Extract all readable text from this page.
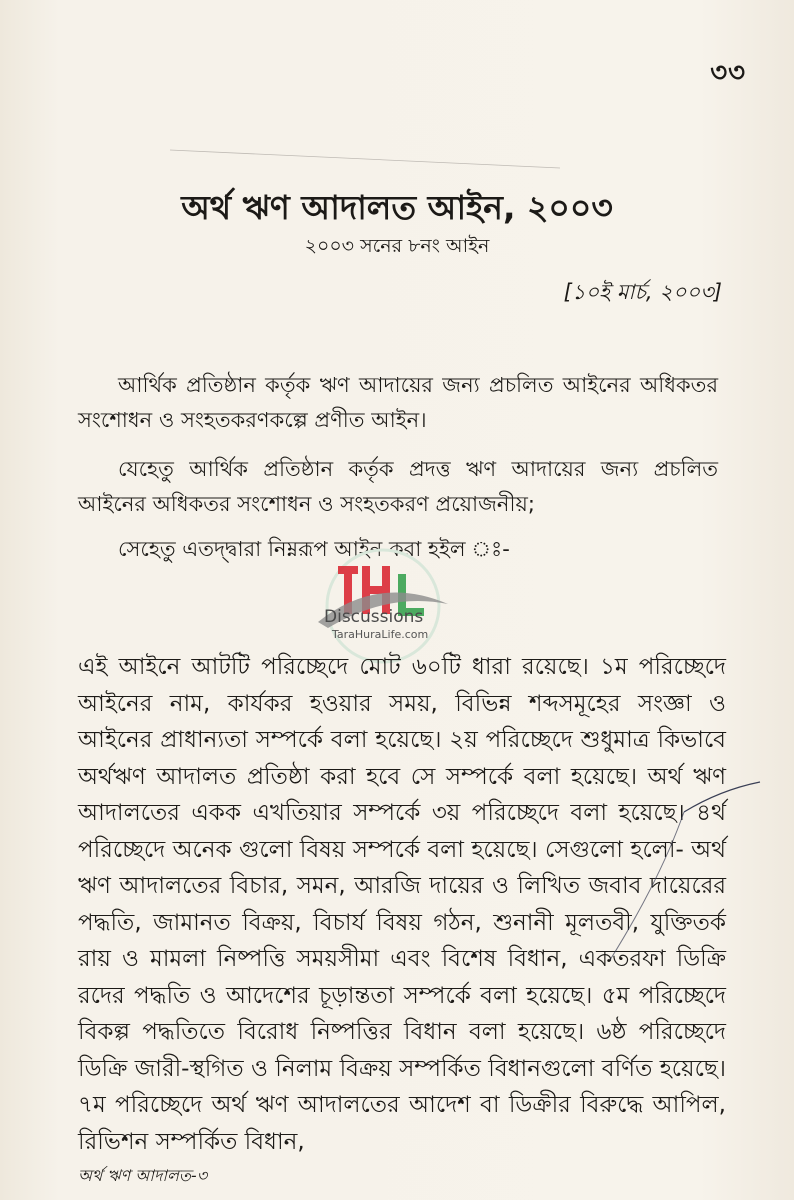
৩৩
অর্থ ঋণ আদালত আইন, ২০০৩
২০০৩ সনের ৮নং আইন
[১০ই মার্চ, ২০০৩]
আর্থিক প্রতিষ্ঠান কর্তৃক ঋণ আদায়ের জন্য প্রচলিত আইনের অধিকতর সংশোধন ও সংহতকরণকল্পে প্রণীত আইন।
যেহেতু আর্থিক প্রতিষ্ঠান কর্তৃক প্রদত্ত ঋণ আদায়ের জন্য প্রচলিত আইনের অধিকতর সংশোধন ও সংহতকরণ প্রয়োজনীয়;
সেহেতু এতদ্দ্বারা নিম্নরূপ আইন করা হইল ঃ-
Discussions
TaraHuraLife.com
এই আইনে আটটি পরিচ্ছেদে মোট ৬০টি ধারা রয়েছে। ১ম পরিচ্ছেদে আইনের নাম, কার্যকর হওয়ার সময়, বিভিন্ন শব্দসমূহের সংজ্ঞা ও আইনের প্রাধান্যতা সম্পর্কে বলা হয়েছে। ২য় পরিচ্ছেদে শুধুমাত্র কিভাবে অর্থঋণ আদালত প্রতিষ্ঠা করা হবে সে সম্পর্কে বলা হয়েছে। অর্থ ঋণ আদালতের একক এখতিয়ার সম্পর্কে ৩য় পরিচ্ছেদে বলা হয়েছে। ৪র্থ পরিচ্ছেদে অনেক গুলো বিষয় সম্পর্কে বলা হয়েছে। সেগুলো হলো- অর্থ ঋণ আদালতের বিচার, সমন, আরজি দায়ের ও লিখিত জবাব দায়েরের পদ্ধতি, জামানত বিক্রয়, বিচার্য বিষয় গঠন, শুনানী মূলতবী, যুক্তিতর্ক রায় ও মামলা নিষ্পত্তি সময়সীমা এবং বিশেষ বিধান, একতরফা ডিক্রি রদের পদ্ধতি ও আদেশের চূড়ান্ততা সম্পর্কে বলা হয়েছে। ৫ম পরিচ্ছেদে বিকল্প পদ্ধতিতে বিরোধ নিষ্পত্তির বিধান বলা হয়েছে। ৬ষ্ঠ পরিচ্ছেদে ডিক্রি জারী-স্থগিত ও নিলাম বিক্রয় সম্পর্কিত বিধানগুলো বর্ণিত হয়েছে। ৭ম পরিচ্ছেদে অর্থ ঋণ আদালতের আদেশ বা ডিক্রীর বিরুদ্ধে আপিল, রিভিশন সম্পর্কিত বিধান,
অর্থ ঋণ আদালত-৩
